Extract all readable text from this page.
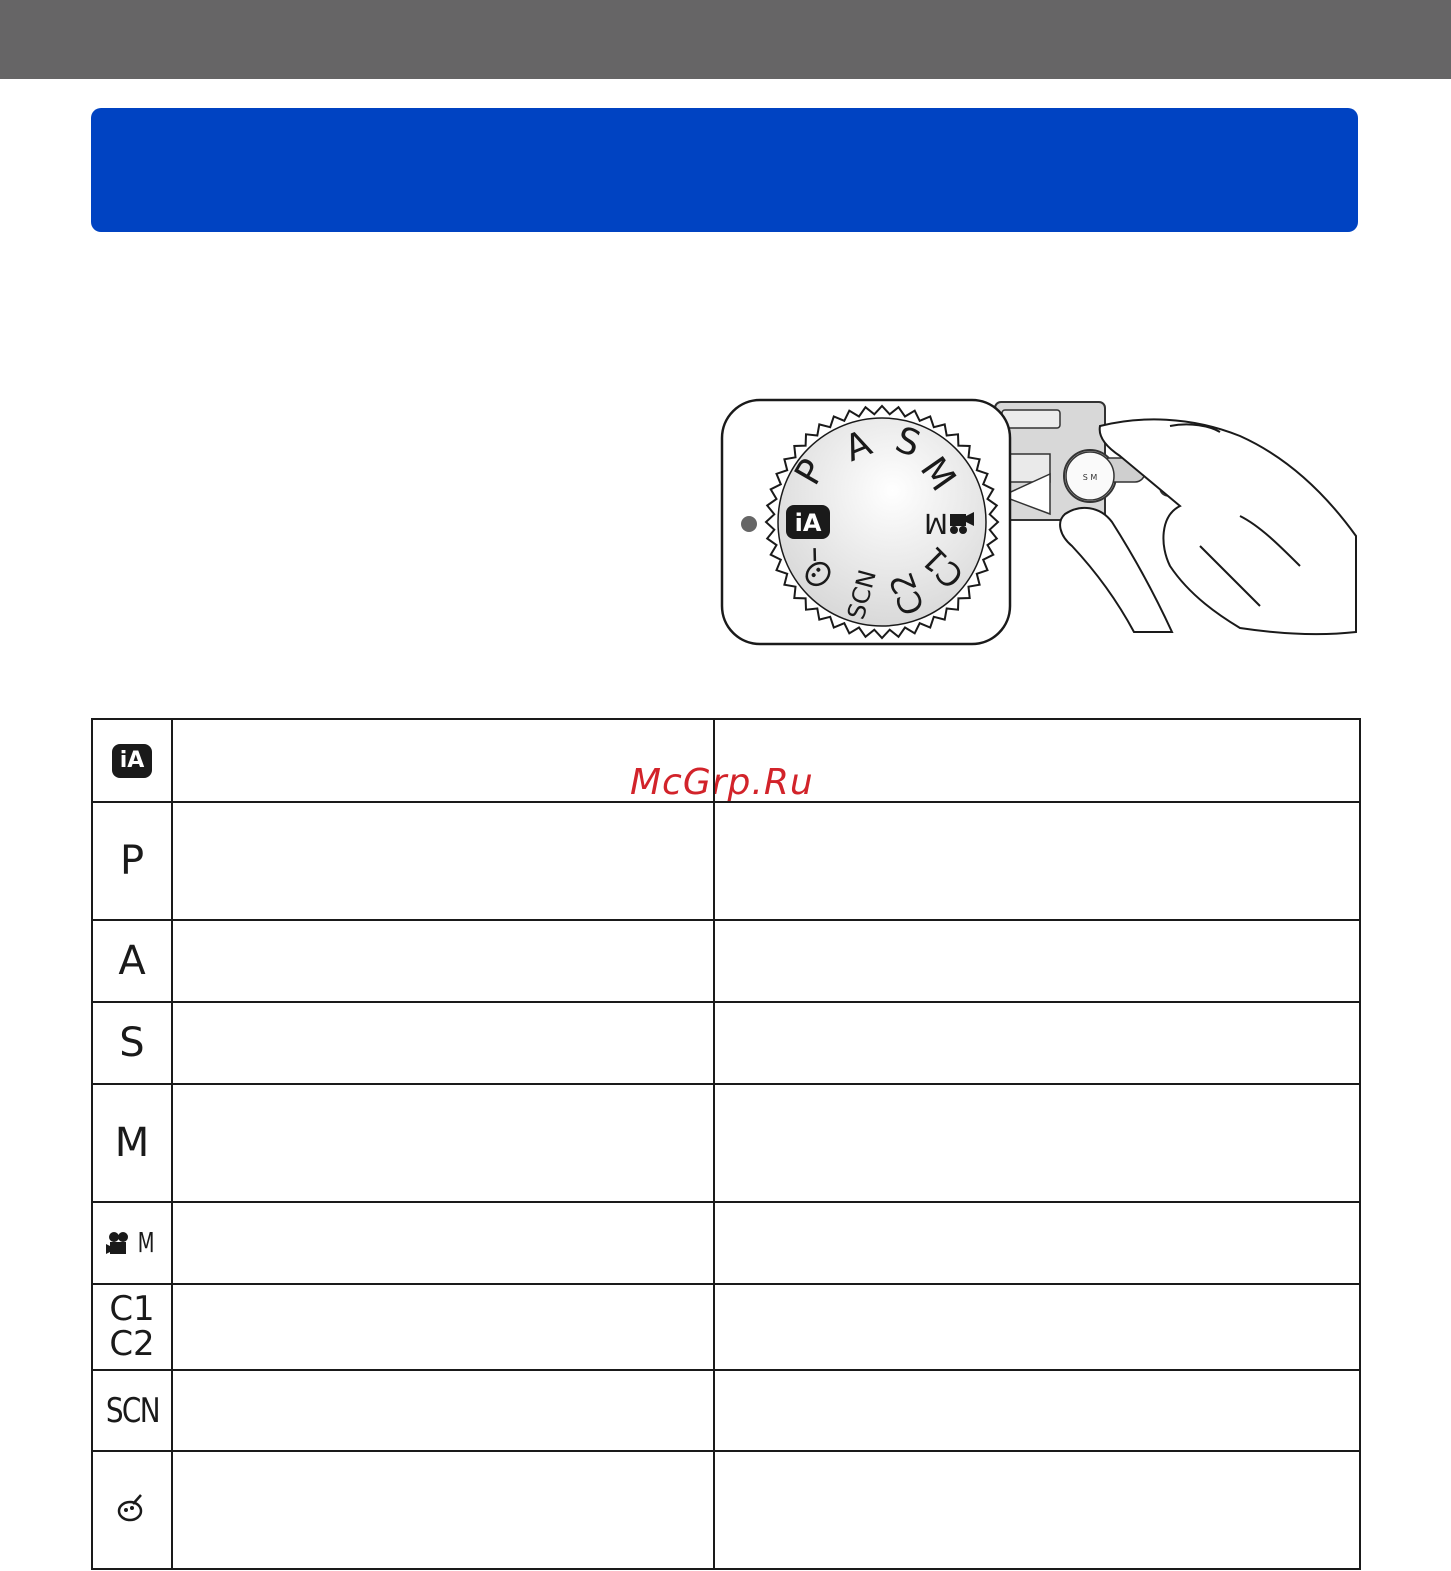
iA
P
A S
M
M
C1
C2
SCN
S M
McGrp.Ru
iA		
P		
A		
S		
M		

M		

C1
C2		

SCN		
